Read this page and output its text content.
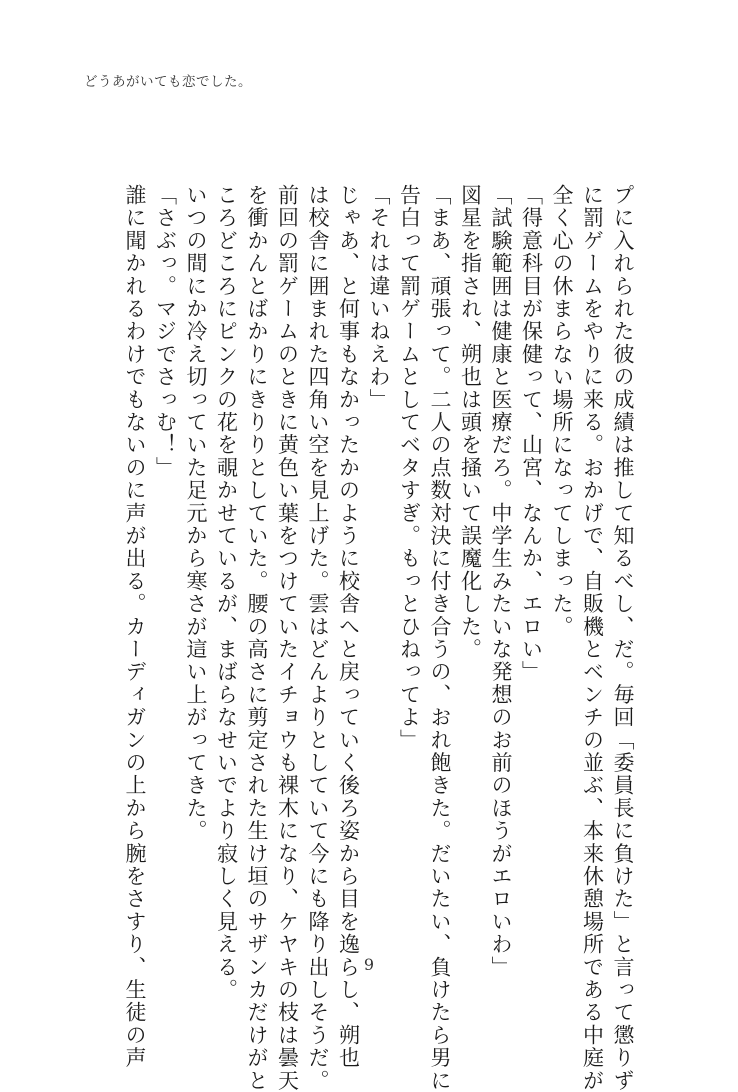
どうあがいても恋でした。
プに入れられた彼の成績は推して知るべし、だ。毎回「委員長に負けた」と言って懲りず
に罰ゲームをやりに来る。おかげで、自販機とベンチの並ぶ、本来休憩場所である中庭が
全く心の休まらない場所になってしまった。
「得意科目が保健って、山宮、なんか、エロい」
「試験範囲は健康と医療だろ。中学生みたいな発想のお前のほうがエロいわ」
図星を指され、朔也は頭を掻いて誤魔化した。
「まあ、頑張って。二人の点数対決に付き合うの、おれ飽きた。だいたい、負けたら男に
告白って罰ゲームとしてベタすぎ。もっとひねってよ」
「それは違いねえわ」
じゃあ、と何事もなかったかのように校舎へと戻っていく後ろ姿から目を逸らし、朔也
は校舎に囲まれた四角い空を見上げた。雲はどんよりとしていて今にも降り出しそうだ。
前回の罰ゲームのときに黄色い葉をつけていたイチョウも裸木になり、ケヤキの枝は曇天
を衝かんとばかりにきりりとしていた。腰の高さに剪定された生け垣のサザンカだけがと
ころどころにピンクの花を覗かせているが、まばらなせいでより寂しく見える。
いつの間にか冷え切っていた足元から寒さが這い上がってきた。
「さぶっ。マジでさっむ！」
誰に聞かれるわけでもないのに声が出る。カーディガンの上から腕をさすり、生徒の声	9
